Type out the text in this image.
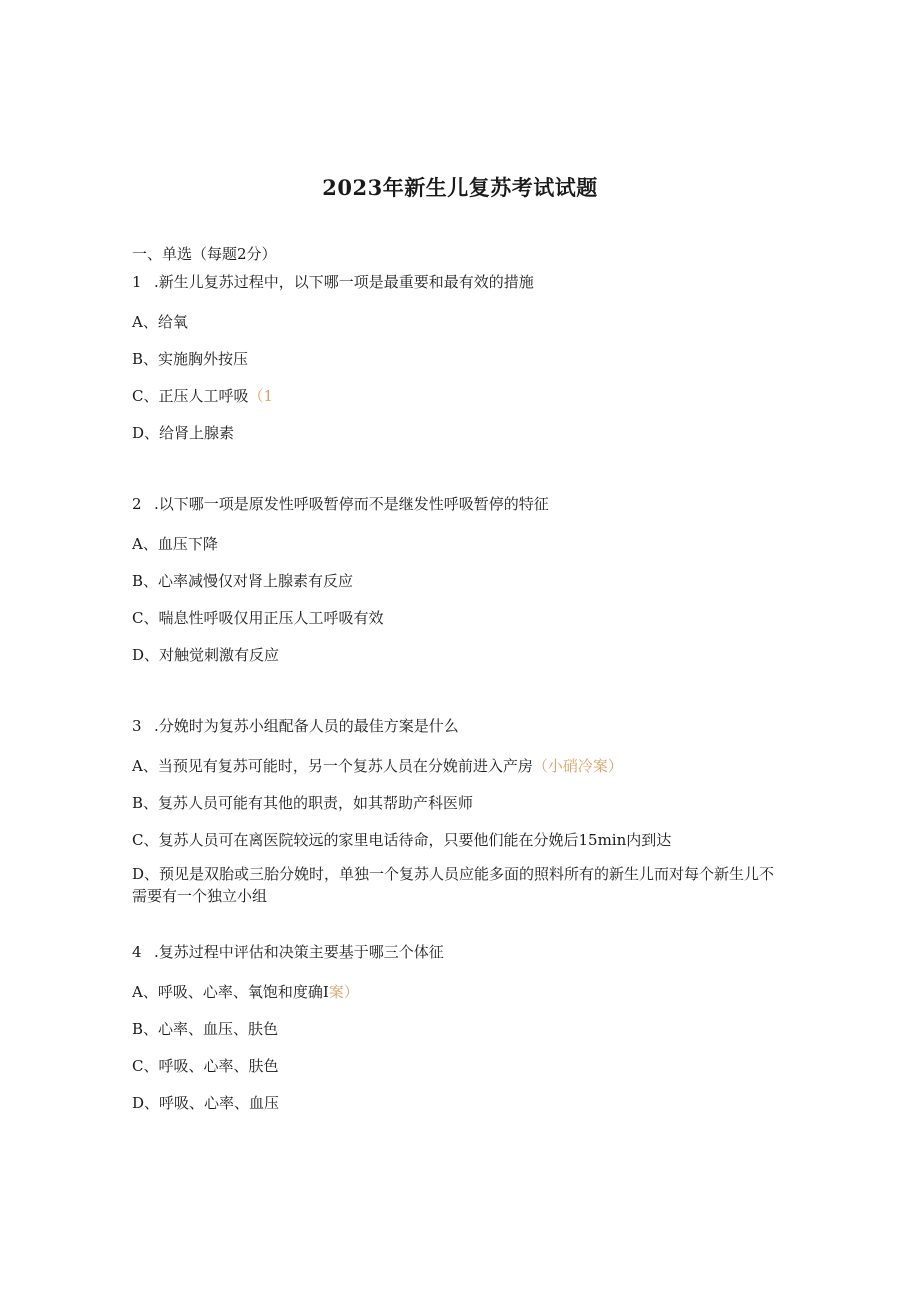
2023年新生儿复苏考试试题
一、单选（每题2分）
1 .新生儿复苏过程中，以下哪一项是最重要和最有效的措施
A、给氧
B、实施胸外按压
C、正压人工呼吸（1
D、给肾上腺素
2 .以下哪一项是原发性呼吸暂停而不是继发性呼吸暂停的特征
A、血压下降
B、心率减慢仅对肾上腺素有反应
C、喘息性呼吸仅用正压人工呼吸有效
D、对触觉刺激有反应
3 .分娩时为复苏小组配备人员的最佳方案是什么
A、当预见有复苏可能时，另一个复苏人员在分娩前进入产房（小硝冷案）
B、复苏人员可能有其他的职责，如其帮助产科医师
C、复苏人员可在离医院较远的家里电话待命，只要他们能在分娩后15min内到达
D、预见是双胎或三胎分娩时，单独一个复苏人员应能多面的照料所有的新生儿而对每个新生儿不需要有一个独立小组
4 .复苏过程中评估和决策主要基于哪三个体征
A、呼吸、心率、氧饱和度确I案）
B、心率、血压、肤色
C、呼吸、心率、肤色
D、呼吸、心率、血压
